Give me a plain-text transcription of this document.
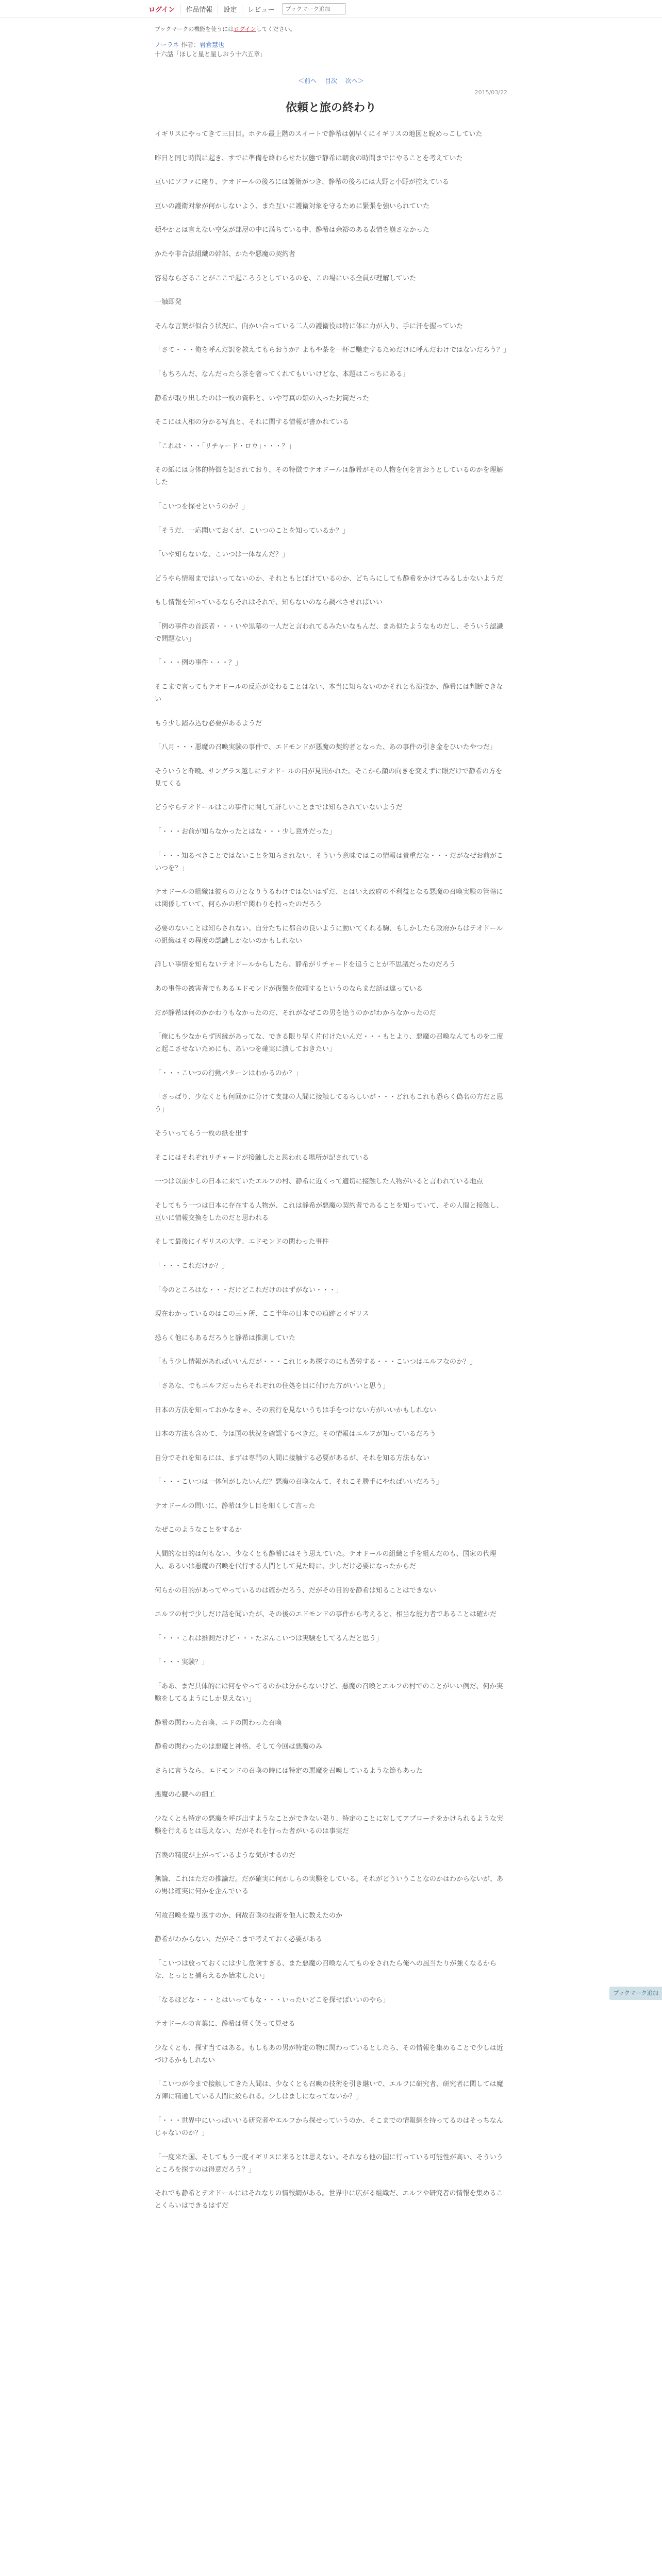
ログイン	作品情報	設定	レビュー
ブックマーク追加
ブックマークの機能を使うにはログインしてください。
ノーラネ 作者：岩倉慧也
十六話「ほしと星と星しおう十六五章」
＜前へ 目次 次へ＞
2015/03/22
依頼と旅の終わり

イギリスにやってきて三日目。ホテル最上階のスイートで静希は朝早くにイギリスの地図と睨めっこしていた

昨日と同じ時間に起き、すでに準備を終わらせた状態で静希は朝食の時間までにやることを考えていた

互いにソファに座り、テオドールの後ろには護衛がつき、静希の後ろには大野と小野が控えている

互いの護衛対象が何かしないよう、また互いに護衛対象を守るために緊張を強いられていた

穏やかとは言えない空気が部屋の中に満ちている中、静希は余裕のある表情を崩さなかった

かたや非合法組織の幹部、かたや悪魔の契約者

容易ならざることがここで起ころうとしているのを、この場にいる全員が理解していた

一触即発

そんな言葉が似合う状況に、向かい合っている二人の護衛役は特に体に力が入り、手に汗を握っていた

「さて・・・俺を呼んだ訳を教えてもらおうか？よもや茶を一杯ご馳走するためだけに呼んだわけではないだろう？」

「もちろんだ、なんだったら茶を奢ってくれてもいいけどな、本題はこっちにある」

静希が取り出したのは一枚の資料と、いや写真の類の入った封筒だった

そこには人相の分かる写真と、それに関する情報が書かれている

「これは・・・「リチャード・ロウ」・・・？」

その紙には身体的特徴を記されており、その特徴でテオドールは静希がその人物を何を言おうとしているのかを理解した

「こいつを探せというのか？」

「そうだ、一応聞いておくが、こいつのことを知っているか？」

「いや知らないな、こいつは一体なんだ？」

どうやら情報まではいってないのか、それともとぼけているのか、どちらにしても静希をかけてみるしかないようだ

もし情報を知っているならそれはそれで、知らないのなら調べさせればいい

「例の事件の首謀者・・・いや黒幕の一人だと言われてるみたいなもんだ、まあ似たようなものだし、そういう認識で問題ない」

「・・・例の事件・・・？」

そこまで言ってもテオドールの反応が変わることはない、本当に知らないのかそれとも演技か、静希には判断できない

もう少し踏み込む必要があるようだ

「八月・・・悪魔の召喚実験の事件で、エドモンドが悪魔の契約者となった、あの事件の引き金をひいたやつだ」

そういうと昨晩、サングラス越しにテオドールの目が見開かれた。そこから顔の向きを変えずに眼だけで静希の方を見てくる

どうやらテオドールはこの事件に関して詳しいことまでは知らされていないようだ

「・・・お前が知らなかったとはな・・・少し意外だった」

「・・・知るべきことではないことを知らされない、そういう意味ではこの情報は貴重だな・・・だがなぜお前がこいつを？」

テオドールの組織は彼らの力となりうるわけではないはずだ、とはいえ政府の不利益となる悪魔の召喚実験の管轄には関係していて、何らかの形で関わりを持ったのだろう

必要のないことは知らされない、自分たちに都合の良いように動いてくれる駒、もしかしたら政府からはテオドールの組織はその程度の認識しかないのかもしれない

詳しい事情を知らないテオドールからしたら、静希がリチャードを追うことが不思議だったのだろう

あの事件の被害者でもあるエドモンドが復讐を依頼するというのならまだ話は違っている

だが静希は何のかかわりもなかったのだ、それがなぜこの男を追うのかがわからなかったのだ

「俺にも少なからず因縁があってな、できる限り早く片付けたいんだ・・・もとより、悪魔の召喚なんてものを二度と起こさせないためにも、あいつを確実に潰しておきたい」

「・・・こいつの行動パターンはわかるのか？」

「さっぱり、少なくとも何回かに分けて支部の人間に接触してるらしいが・・・どれもこれも恐らく偽名の方だと思う」

そういってもう一枚の紙を出す

そこにはそれぞれリチャードが接触したと思われる場所が記されている

一つは以前少しの日本に来ていたエルフの村、静希に近くって適切に接触した人物がいると言われている地点

そしてもう一つは日本に存在する人物が、これは静希が悪魔の契約者であることを知っていて、その人間と接触し、互いに情報交換をしたのだと思われる

そして最後にイギリスの大学、エドモンドの関わった事件

「・・・これだけか？」

「今のところはな・・・だけどこれだけのはずがない・・・」

現在わかっているのはこの三ヶ所、ここ半年の日本での痕跡とイギリス

恐らく他にもあるだろうと静希は推測していた

「もう少し情報があればいいんだが・・・これじゃあ探すのにも苦労する・・・こいつはエルフなのか？」

「さあな、でもエルフだったらそれぞれの住処を目に付けた方がいいと思う」

日本の方法を知っておかなきゃ、その素行を見ないうちは手をつけない方がいいかもしれない

日本の方法も含めて、今は国の状況を確認するべきだ。その情報はエルフが知っているだろう

自分でそれを知るには、まずは専門の人間に接触する必要があるが、それを知る方法もない

「・・・こいつは一体何がしたいんだ？悪魔の召喚なんて、それこそ勝手にやればいいだろう」

テオドールの問いに、静希は少し目を細くして言った

なぜこのようなことをするか

人間的な目的は何もない、少なくとも静希にはそう思えていた。テオドールの組織と手を組んだのも、国家の代理人、あるいは悪魔の召喚を代行する人間として見た時に、少しだけ必要になったからだ

何らかの目的があってやっているのは確かだろう、だがその目的を静希は知ることはできない

エルフの村で少しだけ話を聞いたが、その後のエドモンドの事件から考えると、相当な能力者であることは確かだ

「・・・これは推測だけど・・・たぶんこいつは実験をしてるんだと思う」

「・・・実験？」

「ああ、まだ具体的には何をやってるのかは分からないけど、悪魔の召喚とエルフの村でのことがいい例だ、何か実験をしてるようにしか見えない」

静希の関わった召喚、エドの関わった召喚

静希の関わったのは悪魔と神格、そして今回は悪魔のみ

さらに言うなら、エドモンドの召喚の時には特定の悪魔を召喚しているような節もあった

悪魔の心臓への細工

少なくとも特定の悪魔を呼び出すようなことができない限り、特定のことに対してアプローチをかけられるような実験を行えるとは思えない、だがそれを行った者がいるのは事実だ

召喚の精度が上がっているような気がするのだ

無論、これはただの推論だ。だが確実に何かしらの実験をしている。それがどういうことなのかはわからないが、あの男は確実に何かを企んでいる

何故召喚を繰り返すのか、何故召喚の技術を他人に教えたのか

静希がわからない、だがそこまで考えておく必要がある

「こいつは放っておくには少し危険すぎる、また悪魔の召喚なんてものをされたら俺への風当たりが強くなるからな、とっとと捕らえるか始末したい」

「なるほどな・・・とはいってもな・・・いったいどこを探せばいいのやら」

テオドールの言葉に、静希は軽く笑って見せる

少なくとも、探す当てはある。もしもあの男が特定の物に関わっているとしたら、その情報を集めることで少しは近づけるかもしれない

「こいつが今まで接触してきた人間は、少なくとも召喚の技術を引き継いで、エルフに研究者、研究者に関しては魔方陣に精通している人間に絞られる。少しはましになってないか？」

「・・・世界中にいっぱいいる研究者やエルフから探せっていうのか、そこまでの情報網を持ってるのはそっちなんじゃないのか？」

「一度来た国、そしてもう一度イギリスに来るとは思えない。それなら他の国に行っている可能性が高い、そういうところを探すのは得意だろう？」

それでも静希とテオドールにはそれなりの情報網がある。世界中に広がる組織だ、エルフや研究者の情報を集めることくらいはできるはずだ

ブックマーク追加
